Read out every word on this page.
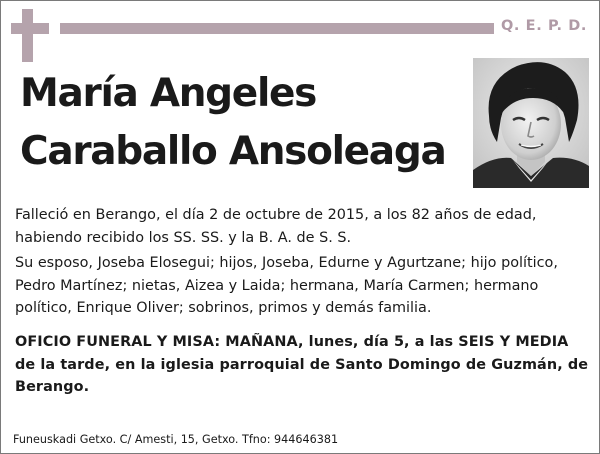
Q. E. P. D.
María Angeles
Caraballo Ansoleaga

Falleció en Berango, el día 2 de octubre de 2015, a los 82 años de edad, habiendo recibido los SS. SS. y la B. A. de S. S.

Su esposo, Joseba Elosegui; hijos, Joseba, Edurne y Agurtzane; hijo político, Pedro Martínez; nietas, Aizea y Laida; hermana, María Carmen; hermano político, Enrique Oliver; sobrinos, primos y demás familia.

OFICIO FUNERAL Y MISA: MAÑANA, lunes, día 5, a las SEIS Y MEDIA de la tarde, en la iglesia parroquial de Santo Domingo de Guzmán, de Berango.

Funeuskadi Getxo. C/ Amesti, 15, Getxo. Tfno: 944646381
